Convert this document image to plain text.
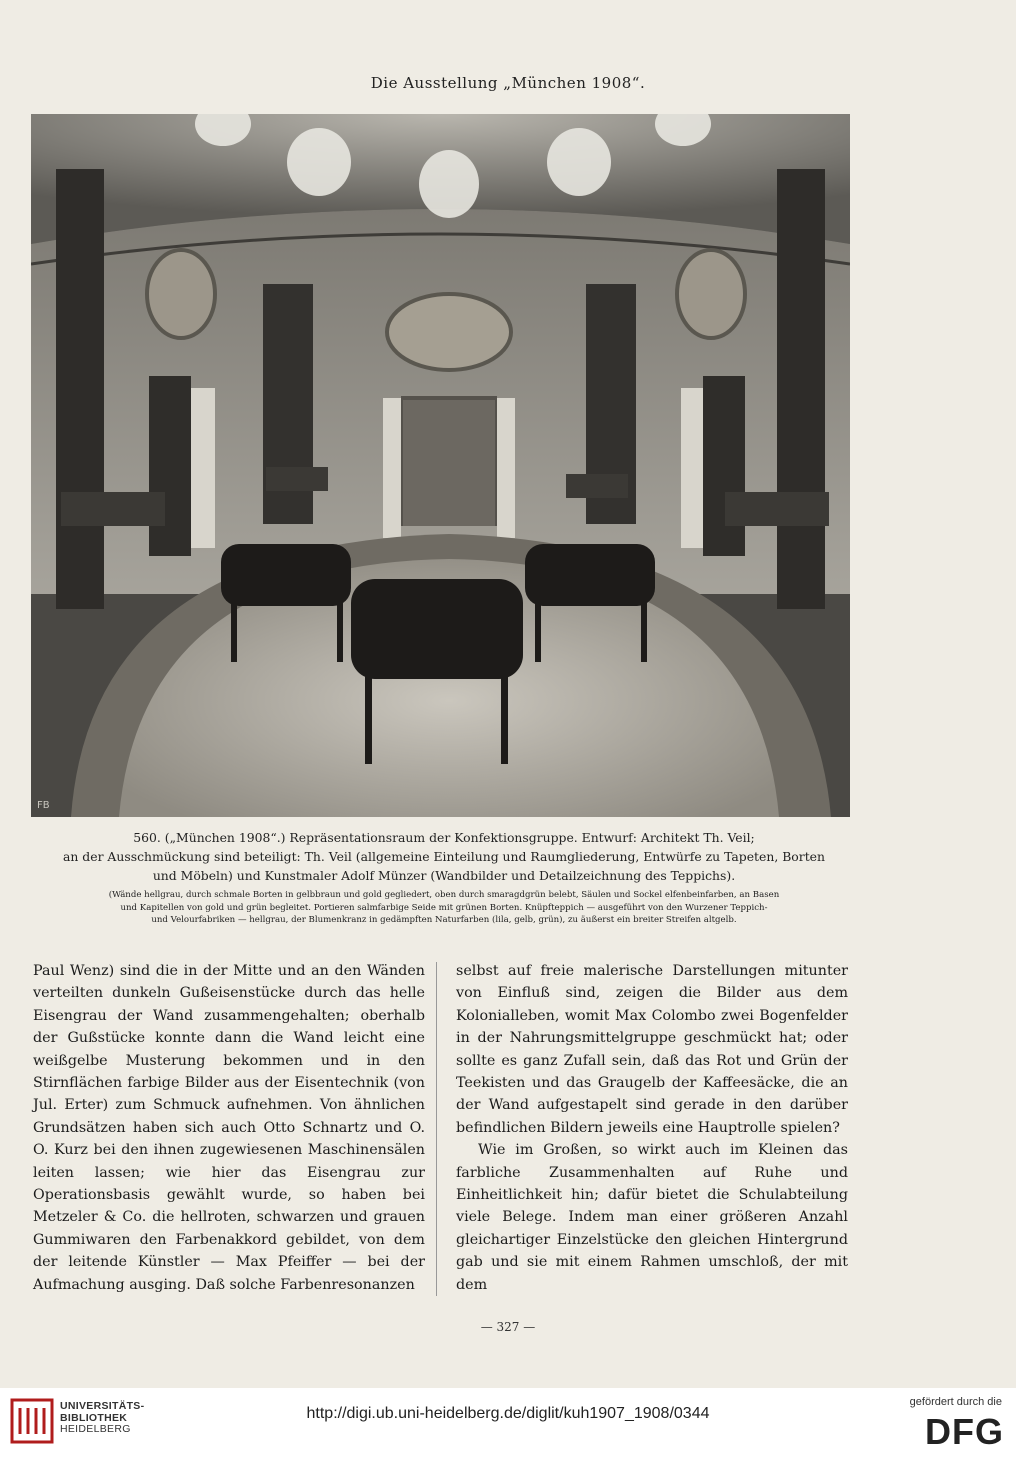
Die Ausstellung „München 1908“.
FB
560. („München 1908“.) Repräsentationsraum der Konfektionsgruppe. Entwurf: Architekt Th. Veil;
an der Ausschmückung sind beteiligt: Th. Veil (allgemeine Einteilung und Raumgliederung, Entwürfe zu Tapeten, Borten
und Möbeln) und Kunstmaler Adolf Münzer (Wandbilder und Detailzeichnung des Teppichs).
(Wände hellgrau, durch schmale Borten in gelbbraun und gold gegliedert, oben durch smaragdgrün belebt, Säulen und Sockel elfenbeinfarben, an Basen
und Kapitellen von gold und grün begleitet. Portieren salmfarbige Seide mit grünen Borten. Knüpfteppich — ausgeführt von den Wurzener Teppich-
und Velourfabriken — hellgrau, der Blumenkranz in gedämpften Naturfarben (lila, gelb, grün), zu äußerst ein breiter Streifen altgelb.

Paul Wenz) sind die in der Mitte und an den Wänden verteilten dunkeln Gußeisenstücke durch das helle Eisengrau der Wand zusammengehalten; oberhalb der Gußstücke konnte dann die Wand leicht eine weißgelbe Musterung bekommen und in den Stirnflächen farbige Bilder aus der Eisentechnik (von Jul. Erter) zum Schmuck aufnehmen. Von ähnlichen Grundsätzen haben sich auch Otto Schnartz und O. O. Kurz bei den ihnen zugewiesenen Maschinensälen leiten lassen; wie hier das Eisengrau zur Operationsbasis gewählt wurde, so haben bei Metzeler & Co. die hellroten, schwarzen und grauen Gummiwaren den Farbenakkord gebildet, von dem der leitende Künstler — Max Pfeiffer — bei der Aufmachung ausging. Daß solche Farbenresonanzen

selbst auf freie malerische Darstellungen mitunter von Einfluß sind, zeigen die Bilder aus dem Kolonialleben, womit Max Colombo zwei Bogenfelder in der Nahrungsmittelgruppe geschmückt hat; oder sollte es ganz Zufall sein, daß das Rot und Grün der Teekisten und das Graugelb der Kaffeesäcke, die an der Wand aufgestapelt sind gerade in den darüber befindlichen Bildern jeweils eine Hauptrolle spielen?

Wie im Großen, so wirkt auch im Kleinen das farbliche Zusammenhalten auf Ruhe und Einheitlichkeit hin; dafür bietet die Schulabteilung viele Belege. Indem man einer größeren Anzahl gleichartiger Einzelstücke den gleichen Hintergrund gab und sie mit einem Rahmen umschloß, der mit dem

— 327 —
UNIVERSITÄTS-
BIBLIOTHEK
HEIDELBERG
http://digi.ub.uni-heidelberg.de/diglit/kuh1907_1908/0344
gefördert durch die
DFG
